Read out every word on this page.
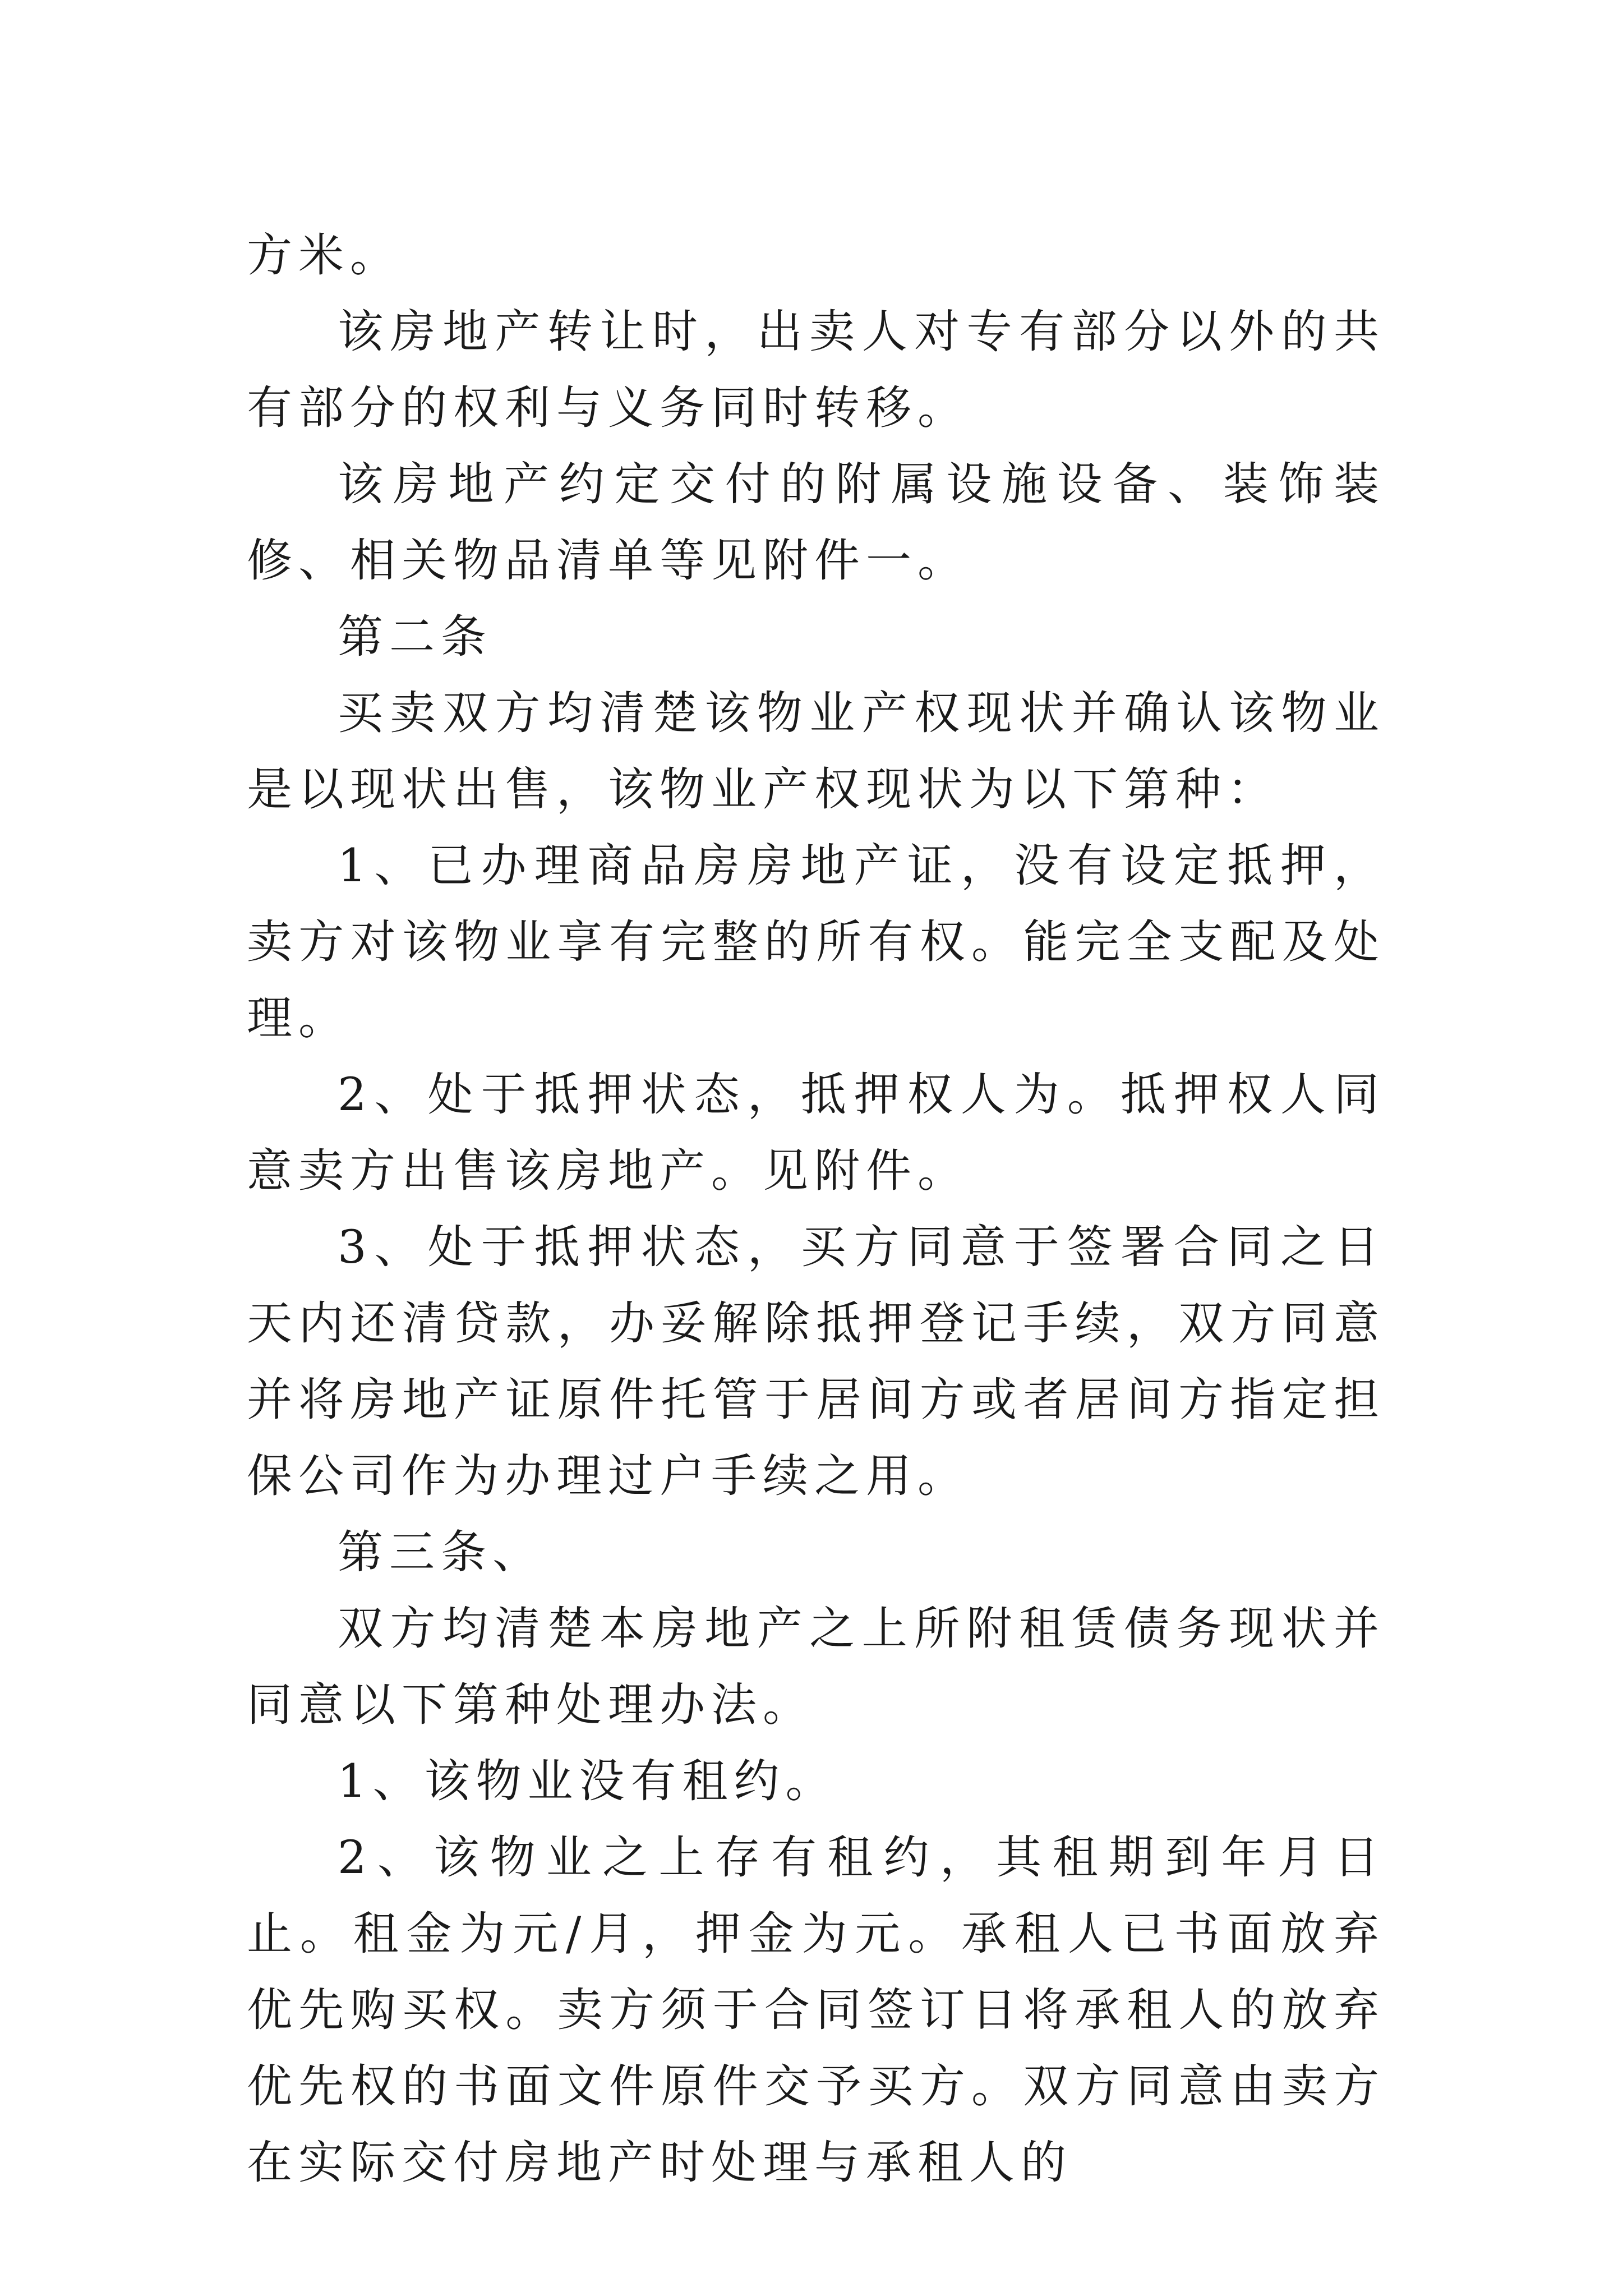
方米。

该房地产转让时，出卖人对专有部分以外的共有部分的权利与义务同时转移。

该房地产约定交付的附属设施设备、装饰装修、相关物品清单等见附件一。

第二条

买卖双方均清楚该物业产权现状并确认该物业是以现状出售，该物业产权现状为以下第种：

1、已办理商品房房地产证，没有设定抵押，卖方对该物业享有完整的所有权。能完全支配及处理。

2、处于抵押状态，抵押权人为。抵押权人同意卖方出售该房地产。见附件。

3、处于抵押状态，买方同意于签署合同之日天内还清贷款，办妥解除抵押登记手续，双方同意并将房地产证原件托管于居间方或者居间方指定担保公司作为办理过户手续之用。

第三条、

双方均清楚本房地产之上所附租赁债务现状并同意以下第种处理办法。

1、该物业没有租约。

2、该物业之上存有租约，其租期到年月日止。租金为元/月，押金为元。承租人已书面放弃优先购买权。卖方须于合同签订日将承租人的放弃优先权的书面文件原件交予买方。双方同意由卖方在实际交付房地产时处理与承租人的
